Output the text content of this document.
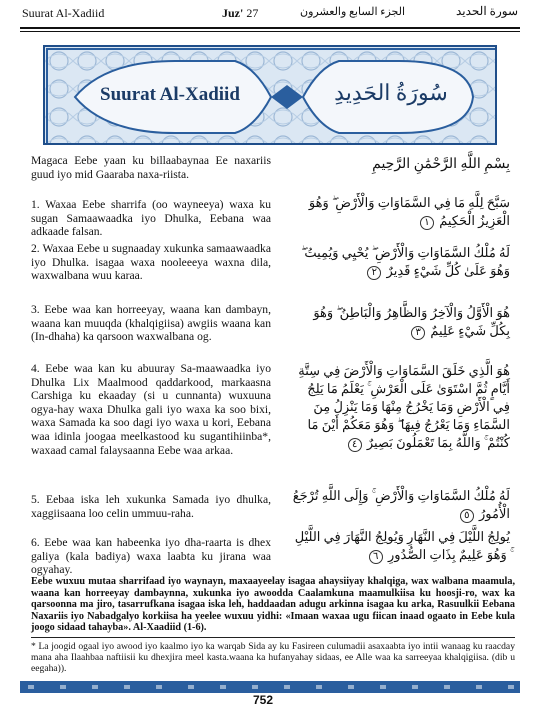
Suurat Al-Xadiid	Juz' 27	الجزء السابع والعشرون	سورة الحديد
Suurat Al-Xadiid	سُورَةُ الحَدِيدِ
Magaca Eebe yaan ku billaabaynaa Ee naxariis guud iyo mid Gaaraba naxa-riista.
1. Waxaa Eebe sharrifa (oo wayneeya) waxa ku sugan Samaawaadka iyo Dhulka, Eebana waa adkaade falsan.
2. Waxaa Eebe u sugnaaday xukunka samaawaadka iyo Dhulka. isagaa waxa noolee​eya waxna dila, waxwalbana wuu karaa.
3. Eebe waa kan horreeyay, waana kan dambayn, waana kan muuqda (khalqigiisa) awgiis waana kan (In-dhaha) ka qarsoon waxwalbana og.
4. Eebe waa kan ku abuuray Sa-maawaadka iyo Dhulka Lix Maalmood qaddarkood, markaasna Carshiga ku ekaaday (si u cunnanta) wuxuuna ogya-hay waxa Dhulka gali iyo waxa ka soo bixi, waxa Samada ka soo dagi iyo waxa u kori, Eebana waa idinla joogaa meelkastood ku suganti​hiinba*, waxaad camal falaysaanna Eebe waa arkaa.
5. Eebaa iska leh xukunka Samada iyo dhulka, xaggiisaana loo celin ummuu-raha.
6. Eebe waa kan habeenka iyo dha-raarta is dhex galiya (kala badiya) waxa laabta ku jirana waa ogyahay.
بِسْمِ اللَّهِ الرَّحْمَٰنِ الرَّحِيمِ
سَبَّحَ لِلَّهِ مَا فِي السَّمَاوَاتِ وَالْأَرْضِ ۖ وَهُوَ الْعَزِيزُ الْحَكِيمُ ١
لَهُ مُلْكُ السَّمَاوَاتِ وَالْأَرْضِ ۖ يُحْيِي وَيُمِيتُ ۖ وَهُوَ عَلَىٰ كُلِّ شَيْءٍ قَدِيرٌ ٢
هُوَ الْأَوَّلُ وَالْآخِرُ وَالظَّاهِرُ وَالْبَاطِنُ ۖ وَهُوَ بِكُلِّ شَيْءٍ عَلِيمٌ ٣
هُوَ الَّذِي خَلَقَ السَّمَاوَاتِ وَالْأَرْضَ فِي سِتَّةِ أَيَّامٍ ثُمَّ اسْتَوَىٰ عَلَى الْعَرْشِ ۚ يَعْلَمُ مَا يَلِجُ فِي الْأَرْضِ وَمَا يَخْرُجُ مِنْهَا وَمَا يَنْزِلُ مِنَ السَّمَاءِ وَمَا يَعْرُجُ فِيهَا ۖ وَهُوَ مَعَكُمْ أَيْنَ مَا كُنْتُمْ ۚ وَاللَّهُ بِمَا تَعْمَلُونَ بَصِيرٌ ٤
لَهُ مُلْكُ السَّمَاوَاتِ وَالْأَرْضِ ۚ وَإِلَى اللَّهِ تُرْجَعُ الْأُمُورُ ٥
يُولِجُ اللَّيْلَ فِي النَّهَارِ وَيُولِجُ النَّهَارَ فِي اللَّيْلِ ۚ وَهُوَ عَلِيمٌ بِذَاتِ الصُّدُورِ ٦
Eebe wuxuu mutaa sharrifaad iyo waynayn, maxaayeelay isagaa ahaysiiyay khalqiga, wax walbana maamula, waana kan horreeyay dambaynna, xukunka iyo awoodda Caalamkuna maamulkiisa ku hoosji-ro, wax ka qarsoonna ma jiro, tasarrufkana isagaa iska leh, haddaadan adugu arkinna isagaa ku arka, Rasuulkii Eebana Naxariis iyo Nabadgalyo korkiisa ha yeelee wuxuu yidhi: «Imaan waxaa ugu fiican inaad ogaato in Eebe kula joogo sidaad tahayba». Al-Xaadiid (1-6).
* La joogid ogaal iyo awood iyo kaalmo iyo ka warqab Sida ay ku Fasireen culumadii asaxaabta iyo intii wanaag ku raacday mana aha Ilaahbaa naftiisii ku dhexjira meel kasta.waana ka hufanyahay sidaas, ee Alle waa ka sarreeyaa khalqigiisa. (dib u eegaha)).
752
